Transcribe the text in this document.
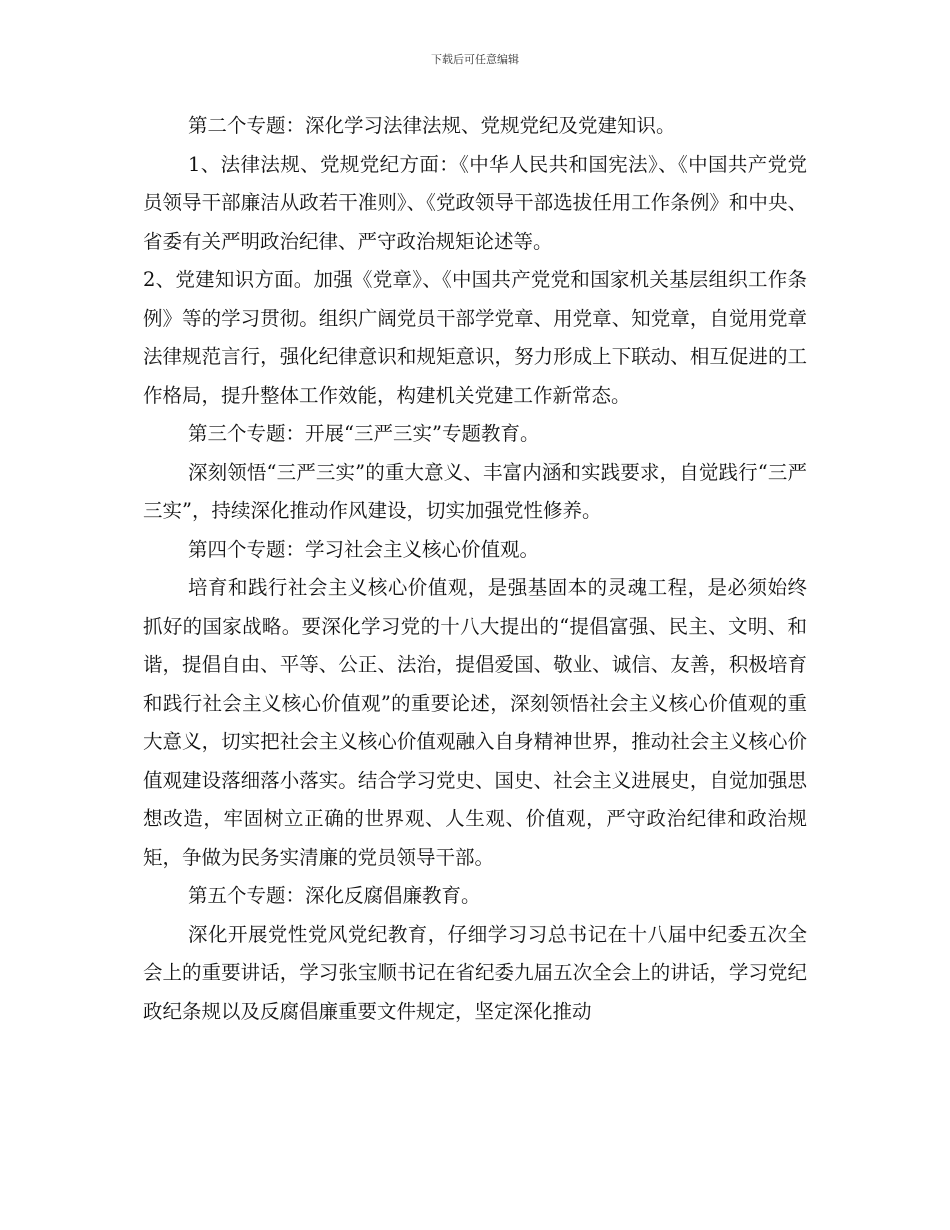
下载后可任意编辑

第二个专题：深化学习法律法规、党规党纪及党建知识。

1、法律法规、党规党纪方面：《中华人民共和国宪法》、《中国共产党党员领导干部廉洁从政若干准则》、《党政领导干部选拔任用工作条例》和中央、省委有关严明政治纪律、严守政治规矩论述等。

2、党建知识方面。加强《党章》、《中国共产党党和国家机关基层组织工作条例》等的学习贯彻。组织广阔党员干部学党章、用党章、知党章，自觉用党章法律规范言行，强化纪律意识和规矩意识，努力形成上下联动、相互促进的工作格局，提升整体工作效能，构建机关党建工作新常态。

第三个专题：开展“三严三实”专题教育。

深刻领悟“三严三实”的重大意义、丰富内涵和实践要求，自觉践行“三严三实”，持续深化推动作风建设，切实加强党性修养。

第四个专题：学习社会主义核心价值观。

培育和践行社会主义核心价值观，是强基固本的灵魂工程，是必须始终抓好的国家战略。要深化学习党的十八大提出的“提倡富强、民主、文明、和谐，提倡自由、平等、公正、法治，提倡爱国、敬业、诚信、友善，积极培育和践行社会主义核心价值观”的重要论述，深刻领悟社会主义核心价值观的重大意义，切实把社会主义核心价值观融入自身精神世界，推动社会主义核心价值观建设落细落小落实。结合学习党史、国史、社会主义进展史，自觉加强思想改造，牢固树立正确的世界观、人生观、价值观，严守政治纪律和政治规矩，争做为民务实清廉的党员领导干部。

第五个专题：深化反腐倡廉教育。

深化开展党性党风党纪教育，仔细学习习总书记在十八届中纪委五次全会上的重要讲话，学习张宝顺书记在省纪委九届五次全会上的讲话，学习党纪政纪条规以及反腐倡廉重要文件规定，坚定深化推动
